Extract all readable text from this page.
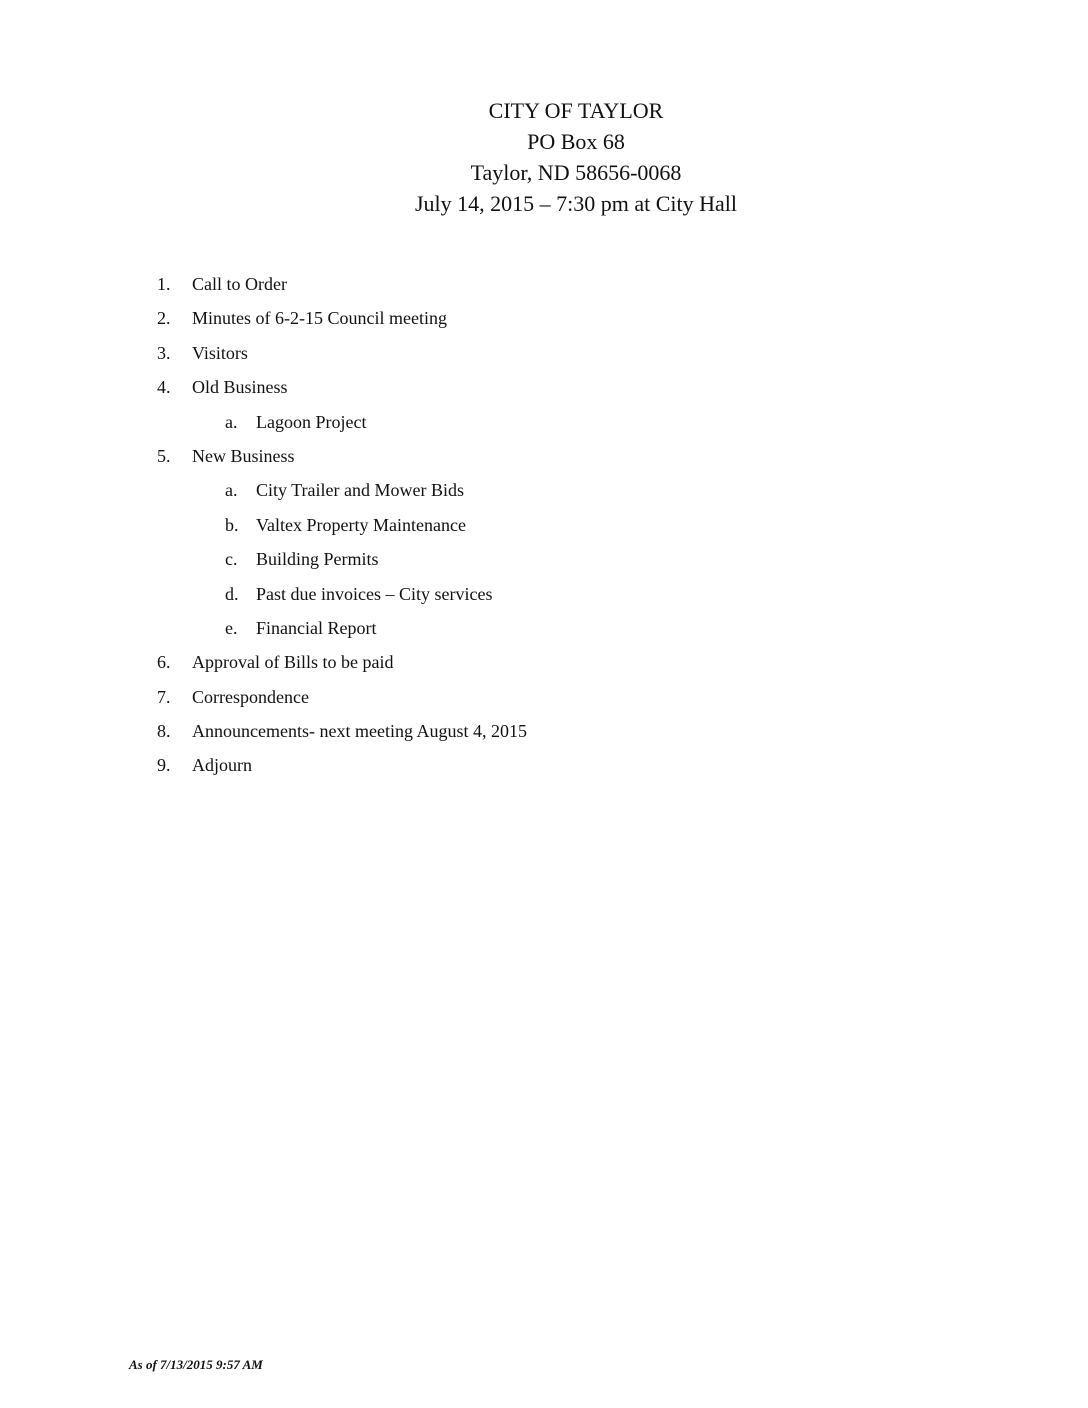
CITY OF TAYLOR
PO Box 68
Taylor, ND 58656-0068
July 14, 2015 – 7:30 pm at City Hall
1.	Call to Order
2.	Minutes of 6-2-15 Council meeting
3.	Visitors
4.	Old Business
a.	Lagoon Project
5.	New Business
a.	City Trailer and Mower Bids
b. Valtex Property Maintenance
c.	Building Permits
d. Past due invoices – City services
e.	Financial Report
6.	Approval of Bills to be paid
7.	Correspondence
8.	Announcements- next meeting August 4, 2015
9.	Adjourn
As of 7/13/2015 9:57 AM
